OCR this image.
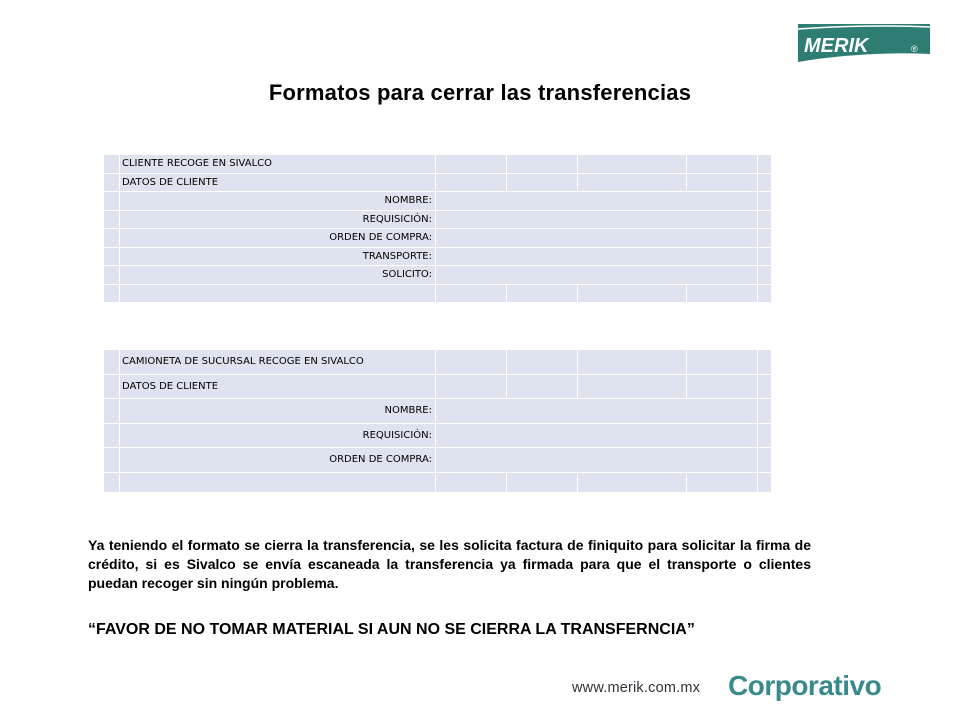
MERIK	®
Formatos para cerrar las transferencias
	CLIENTE RECOGE EN SIVALCO					
	DATOS DE CLIENTE					
	NOMBRE:					
	REQUISICIÓN:					
	ORDEN DE COMPRA:					
	TRANSPORTE:					
	SOLICITO:					

	CAMIONETA DE SUCURSAL RECOGE EN SIVALCO					
	DATOS DE CLIENTE					
	NOMBRE:					
	REQUISICIÓN:					
	ORDEN DE COMPRA:					

Ya teniendo el formato se cierra la transferencia, se les solicita factura de finiquito para solicitar la firma de crédito, si es Sivalco se envía escaneada la transferencia ya firmada para que el transporte o clientes puedan recoger sin ningún problema.
“FAVOR DE NO TOMAR MATERIAL SI AUN NO SE CIERRA LA TRANSFERNCIA”
www.merik.com.mx Corporativo
